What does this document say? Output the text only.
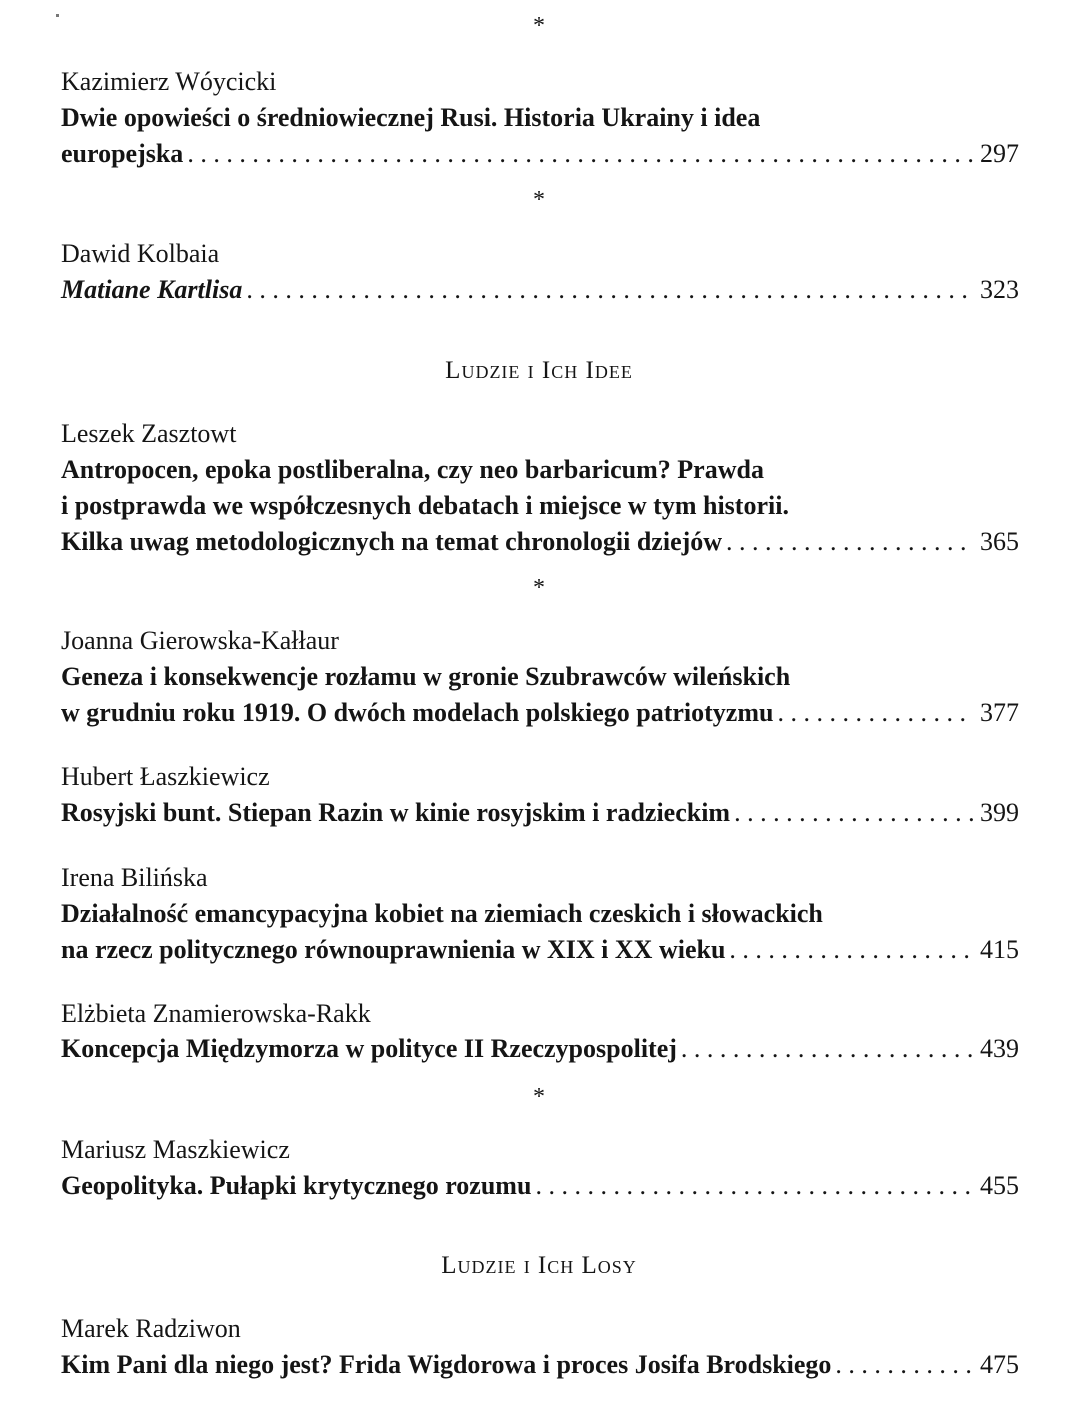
*
Kazimierz Wóycicki
Dwie opowieści o średniowiecznej Rusi. Historia Ukrainy i idea
europejska . . .	297
*
Dawid Kolbaia
Matiane Kartlisa . . .	323
Ludzie i Ich Idee
Leszek Zasztowt
Antropocen, epoka postliberalna, czy neo barbaricum? Prawda
i postprawda we współczesnych debatach i miejsce w tym historii.
Kilka uwag metodologicznych na temat chronologii dziejów . . .	365
*
Joanna Gierowska-Kałłaur
Geneza i konsekwencje rozłamu w gronie Szubrawców wileńskich
w grudniu roku 1919. O dwóch modelach polskiego patriotyzmu . . .	377
Hubert Łaszkiewicz
Rosyjski bunt. Stiepan Razin w kinie rosyjskim i radzieckim . . .	399
Irena Bilińska
Działalność emancypacyjna kobiet na ziemiach czeskich i słowackich
na rzecz politycznego równouprawnienia w XIX i XX wieku . . .	415
Elżbieta Znamierowska-Rakk
Koncepcja Międzymorza w polityce II Rzeczypospolitej . . .	439
*
Mariusz Maszkiewicz
Geopolityka. Pułapki krytycznego rozumu . . .	455
Ludzie i Ich Losy
Marek Radziwon
Kim Pani dla niego jest? Frida Wigdorowa i proces Josifa Brodskiego . . .	475
